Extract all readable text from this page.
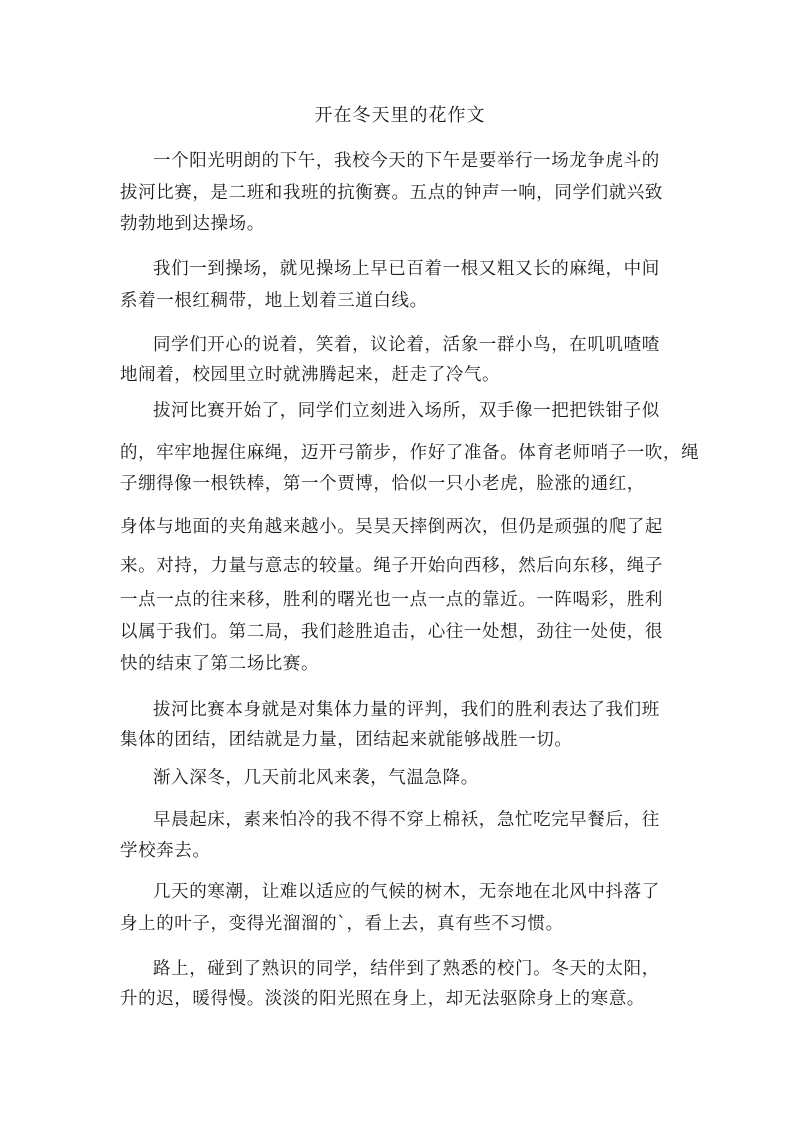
开在冬天里的花作文
一个阳光明朗的下午，我校今天的下午是要举行一场龙争虎斗的
拔河比赛，是二班和我班的抗衡赛。五点的钟声一响，同学们就兴致
勃勃地到达操场。
我们一到操场，就见操场上早已百着一根又粗又长的麻绳，中间
系着一根红稠带，地上划着三道白线。
同学们开心的说着，笑着，议论着，活象一群小鸟，在叽叽喳喳
地闹着，校园里立时就沸腾起来，赶走了冷气。
拔河比赛开始了，同学们立刻进入场所，双手像一把把铁钳子似
的，牢牢地握住麻绳，迈开弓箭步，作好了准备。体育老师哨子一吹，绳
子绷得像一根铁棒，第一个贾博，恰似一只小老虎，脸涨的通红，
身体与地面的夹角越来越小。吴昊天摔倒两次，但仍是顽强的爬了起
来。对持，力量与意志的较量。绳子开始向西移，然后向东移，绳子
一点一点的往来移，胜利的曙光也一点一点的靠近。一阵喝彩，胜利
以属于我们。第二局，我们趁胜追击，心往一处想，劲往一处使，很
快的结束了第二场比赛。
拔河比赛本身就是对集体力量的评判，我们的胜利表达了我们班
集体的团结，团结就是力量，团结起来就能够战胜一切。
渐入深冬，几天前北风来袭，气温急降。
早晨起床，素来怕冷的我不得不穿上棉袄，急忙吃完早餐后，往
学校奔去。
几天的寒潮，让难以适应的气候的树木，无奈地在北风中抖落了
身上的叶子，变得光溜溜的`，看上去，真有些不习惯。
路上，碰到了熟识的同学，结伴到了熟悉的校门。冬天的太阳，
升的迟，暖得慢。淡淡的阳光照在身上，却无法驱除身上的寒意。
